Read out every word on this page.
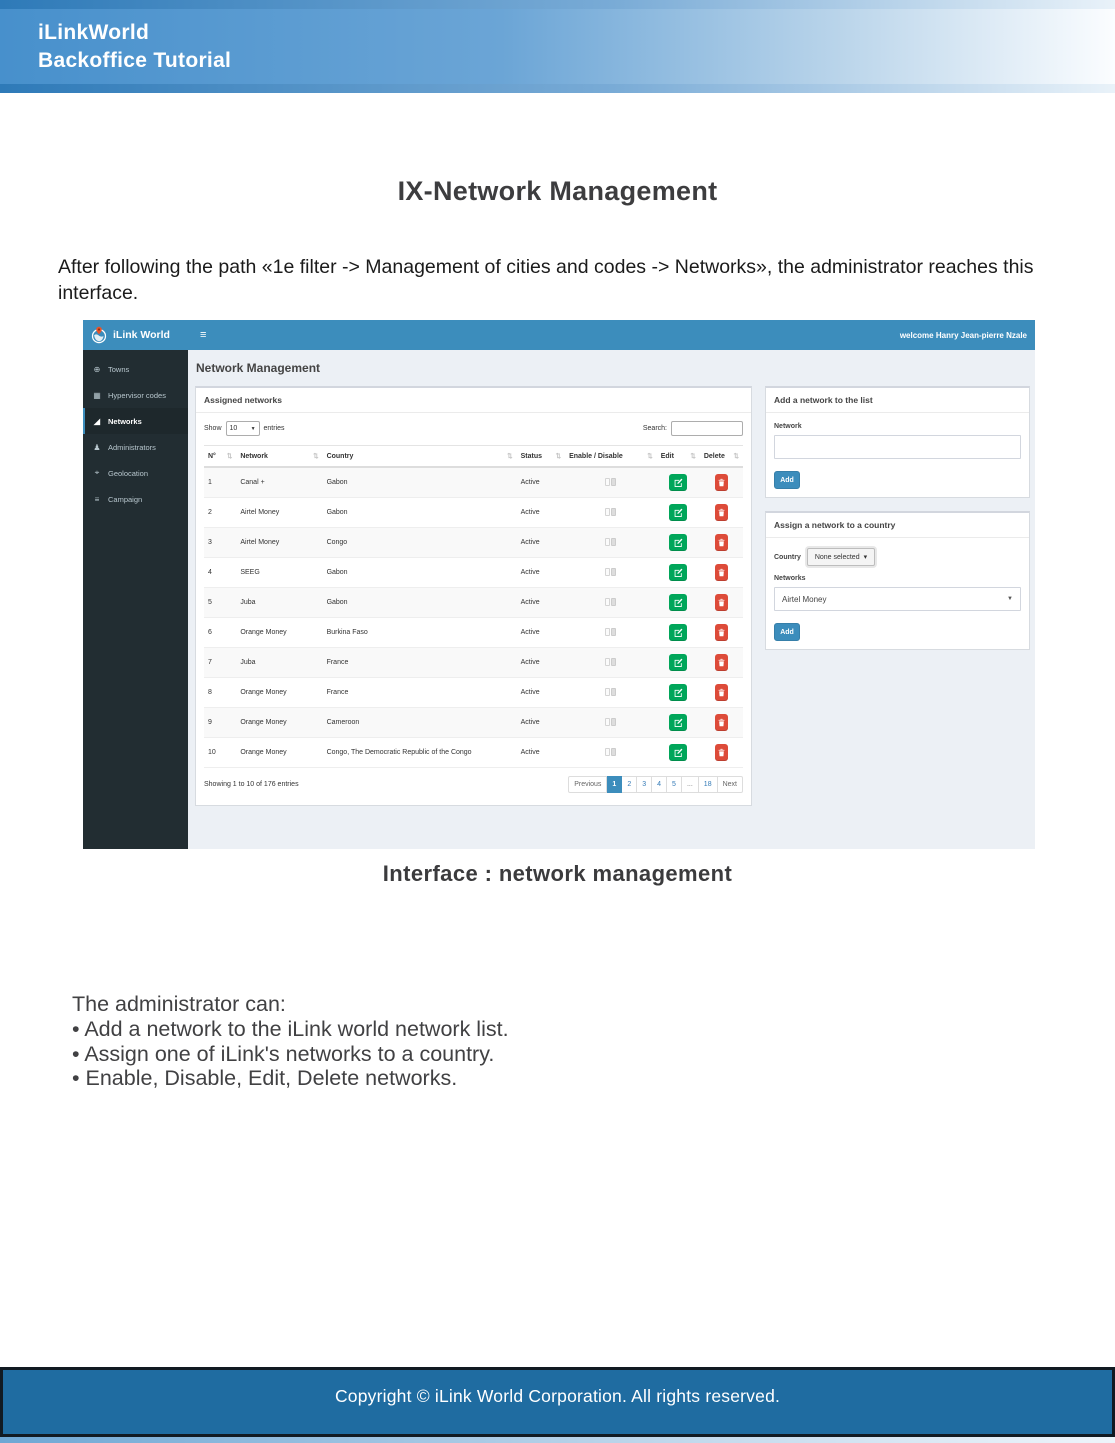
iLinkWorld
Backoffice Tutorial
IX-Network Management
After following the path «1e filter -> Management of cities and codes -> Networks», the administrator reaches this interface.
iLink World	≡	welcome Hanry Jean-pierre Nzale
⊕ Towns
▦ Hypervisor codes
◢ Networks
♟ Administrators
⌖	Geolocation
≡	Campaign
Network Management
Assigned networks
Show 10	▼ entries	Search:
N° ⇅ Network	⇅ Country	⇅ Status ⇅ Enable / Disable	⇅ Edit	⇅ Delete ⇅
1	Canal +	Gabon	Active
2	Airtel Money	Gabon	Active
3	Airtel Money	Congo	Active
4	SEEG	Gabon	Active
5	Juba	Gabon	Active
6	Orange Money	Burkina Faso	Active
7	Juba	France	Active
8	Orange Money	France	Active
9	Orange Money	Cameroon	Active
10	Orange Money	Congo, The Democratic Republic of the Congo	Active
Showing 1 to 10 of 176 entries	Previous	1	2	3	4	5	...	18	Next
Add a network to the list
Network
Add
Assign a network to a country
Country None selected ▾
Networks
Airtel Money	▼
Add
Interface : network management
The administrator can:
• Add a network to the iLink world network list.
• Assign one of iLink's networks to a country.
• Enable, Disable, Edit, Delete networks.
Copyright © iLink World Corporation. All rights reserved.
